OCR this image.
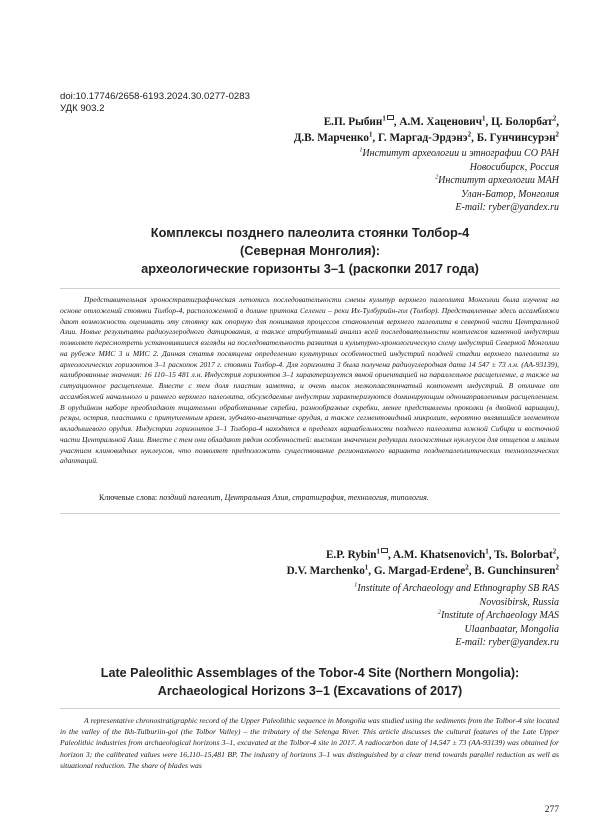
doi:10.17746/2658-6193.2024.30.0277-0283
УДК 903.2
Е.П. Рыбин$^1$ , А.М. Хаценович$^1$, Ц. Болорбат$^2$,
Д.В. Марченко$^1$, Г. Маргад-Эрдэнэ$^2$, Б. Гунчинсурэн$^2$
$^1$Институт археологии и этнографии СО РАН
Новосибирск, Россия
$^2$Институт археологии МАН
Улан-Батор, Монголия
E-mail: ryber@yandex.ru
Комплексы позднего палеолита стоянки Толбор-4
(Северная Монголия):
археологические горизонты 3–1 (раскопки 2017 года)
Представительная хроностратиграфическая летопись последовательности смены культур верхнего палеолита Монголии была изучена на основе отложений стоянки Толбор-4, расположенной в долине притока Селенги – реки Их-Тулбурийн-гол (Толбор). Представленные здесь ассамбляжи дают возможность оценивать эту стоянку как опорную для понимания процессов становления верхнего палеолита в северной части Центральной Азии. Новые результаты радиоуглеродного датирования, а также атрибутивный анализ всей последовательности комплексов каменной индустрии позволяет пересмотреть установившиеся взгляды на последовательность развития и культурно-хронологическую схему индустрий Северной Монголии на рубеже МИС 3 и МИС 2. Данная статья посвящена определению культурных особенностей индустрий поздней стадии верхнего палеолита из археологических горизонтов 3–1 раскопок 2017 г. стоянки Толбор-4. Для горизонта 3 была получена радиоуглеродная дата 14 547 ± 73 л.н. (АА-93139), калиброванные значения: 16 110–15 481 л.н. Индустрия горизонтов 3–1 характеризуется явной ориентацией на параллельное расщепление, а также на ситуационное расщепление. Вместе с тем доля пластин заметна, и очень высок мелкопластинчатый компонент индустрий. В отличие от ассамбляжей начального и раннего верхнего палеолита, обсуждаемые индустрии характеризуются доминирующим однонаправленным расщеплением. В орудийном наборе преобладают тщательно обработанные скребла, разнообразные скребки, менее представлены проколки (в двойной вариации), резцы, острия, пластинки с притупленным краем, зубчато-выемчатые орудия, а также сегментовидный микролит, вероятно являвшийся элементом вкладышевого орудия. Индустрии горизонтов 3–1 Толбора-4 находятся в пределах вариабельности позднего палеолита южной Сибири и восточной части Центральной Азии. Вместе с тем они обладают рядом особенностей: высоким значением редукции плоскостных нуклеусов для отщепов и малым участием клиновидных нуклеусов, что позволяет предположить существование регионального варианта позднепалеолитических технологических адаптаций.
Ключевые слова: поздний палеолит, Центральная Азия, стратиграфия, технология, типология.
E.P. Rybin$^1$ , A.M. Khatsenovich$^1$, Ts. Bolorbat$^2$,
D.V. Marchenko$^1$, G. Margad-Erdene$^2$, B. Gunchinsuren$^2$
$^1$Institute of Archaeology and Ethnography SB RAS
Novosibirsk, Russia
$^2$Institute of Archaeology MAS
Ulaanbaatar, Mongolia
E-mail: ryber@yandex.ru
Late Paleolithic Assemblages of the Tobor-4 Site (Northern Mongolia):
Archaeological Horizons 3–1 (Excavations of 2017)
A representative chronostratigraphic record of the Upper Paleolithic sequence in Mongolia was studied using the sediments from the Tolbor-4 site located in the valley of the Ikh-Tulburiin-gol (the Tolbor Valley) – the tributary of the Selenga River. This article discusses the cultural features of the Late Upper Paleolithic industries from archaeological horizons 3–1, excavated at the Tolbor-4 site in 2017. A radiocarbon date of 14,547 ± 73 (AA-93139) was obtained for horizon 3; the calibrated values were 16,110–15,481 BP. The industry of horizons 3–1 was distinguished by a clear trend towards parallel reduction as well as situational reduction. The share of blades was
277
